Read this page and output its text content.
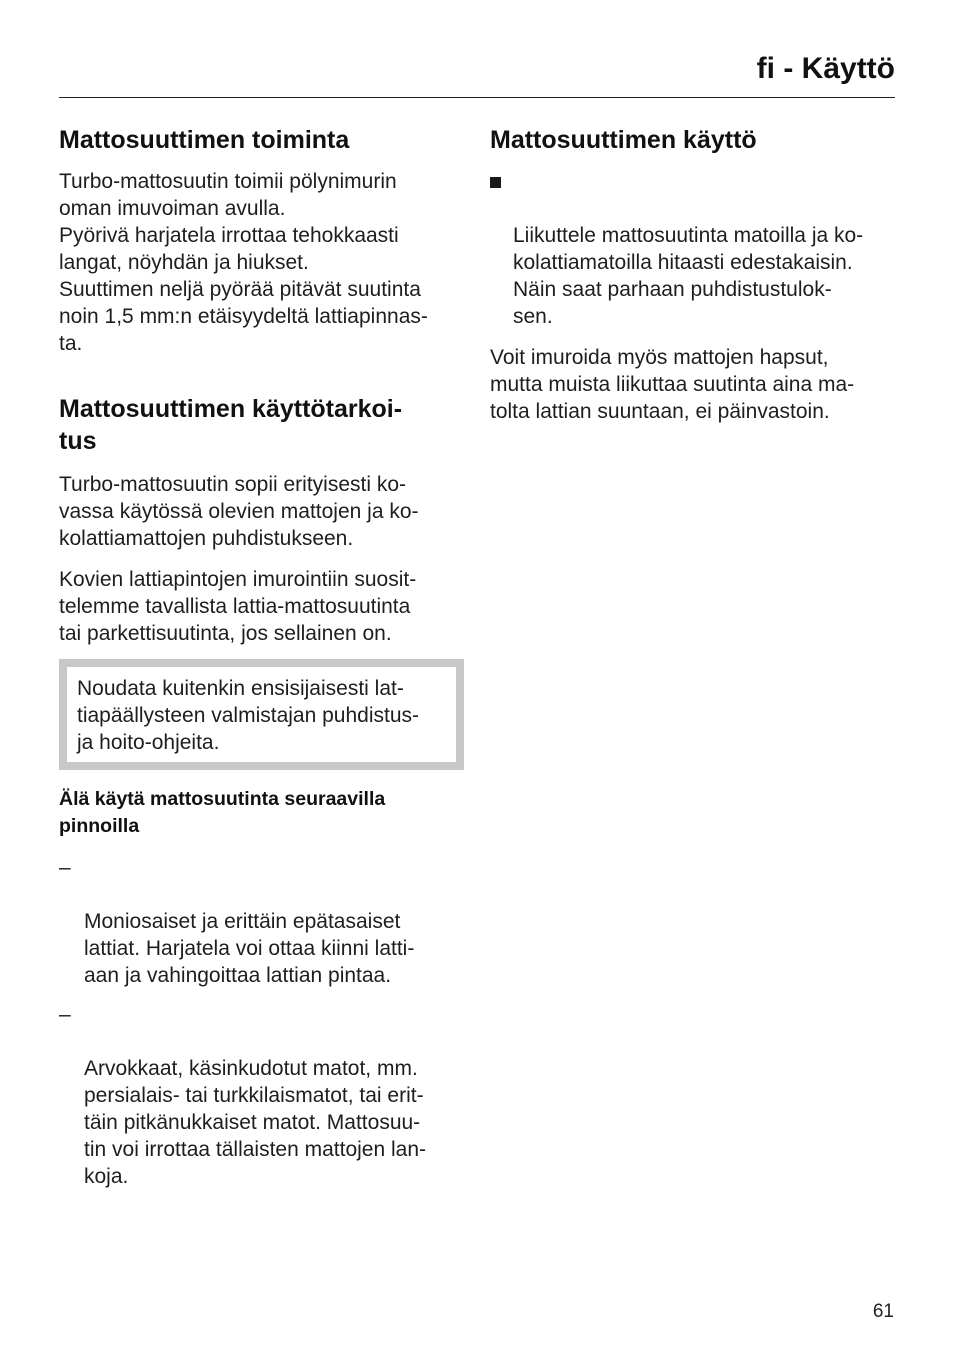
fi - Käyttö
Mattosuuttimen toiminta

Turbo-mattosuutin toimii pölynimurin
oman imuvoiman avulla.
Pyörivä harjatela irrottaa tehokkaasti
langat, nöyhdän ja hiukset.
Suuttimen neljä pyörää pitävät suutinta
noin 1,5 mm:n etäisyydeltä lattiapinnas-
ta.

Mattosuuttimen käyttötarkoi-
tus

Turbo-mattosuutin sopii erityisesti ko-
vassa käytössä olevien mattojen ja ko-
kolattiamattojen puhdistukseen.

Kovien lattiapintojen imurointiin suosit-
telemme tavallista lattia-mattosuutinta
tai parkettisuutinta, jos sellainen on.

Noudata kuitenkin ensisijaisesti lat-
tiapäällysteen valmistajan puhdistus-
ja hoito-ohjeita.

Älä käytä mattosuutinta seuraavilla
pinnoilla

–

Moniosaiset ja erittäin epätasaiset
lattiat. Harjatela voi ottaa kiinni latti-
aan ja vahingoittaa lattian pintaa.

–

Arvokkaat, käsinkudotut matot, mm.
persialais- tai turkkilaismatot, tai erit-
täin pitkänukkaiset matot. Mattosuu-
tin voi irrottaa tällaisten mattojen lan-
koja.

Mattosuuttimen käyttö

Liikuttele mattosuutinta matoilla ja ko-
kolattiamatoilla hitaasti edestakaisin.
Näin saat parhaan puhdistustulok-
sen.

Voit imuroida myös mattojen hapsut,
mutta muista liikuttaa suutinta aina ma-
tolta lattian suuntaan, ei päinvastoin.

61
